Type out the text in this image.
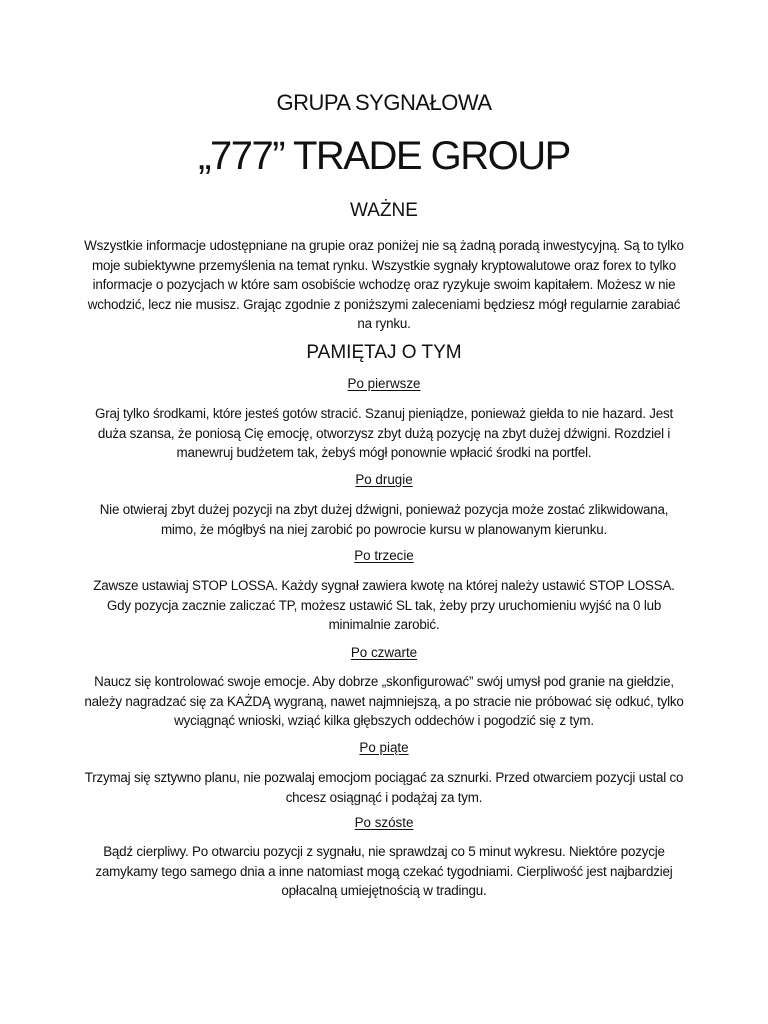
GRUPA SYGNAŁOWA
„777” TRADE GROUP
WAŻNE

Wszystkie informacje udostępniane na grupie oraz poniżej nie są żadną poradą inwestycyjną. Są to tylko moje subiektywne przemyślenia na temat rynku. Wszystkie sygnały kryptowalutowe oraz forex to tylko informacje o pozycjach w które sam osobiście wchodzę oraz ryzykuje swoim kapitałem. Możesz w nie wchodzić, lecz nie musisz. Grając zgodnie z poniższymi zaleceniami będziesz mógł regularnie zarabiać na rynku.

PAMIĘTAJ O TYM

Po pierwsze

Graj tylko środkami, które jesteś gotów stracić. Szanuj pieniądze, ponieważ giełda to nie hazard. Jest duża szansa, że poniosą Cię emocję, otworzysz zbyt dużą pozycję na zbyt dużej dźwigni. Rozdziel i manewruj budżetem tak, żebyś mógł ponownie wpłacić środki na portfel.

Po drugie

Nie otwieraj zbyt dużej pozycji na zbyt dużej dźwigni, ponieważ pozycja może zostać zlikwidowana, mimo, że mógłbyś na niej zarobić po powrocie kursu w planowanym kierunku.

Po trzecie

Zawsze ustawiaj STOP LOSSA. Każdy sygnał zawiera kwotę na której należy ustawić STOP LOSSA. Gdy pozycja zacznie zaliczać TP, możesz ustawić SL tak, żeby przy uruchomieniu wyjść na 0 lub minimalnie zarobić.

Po czwarte

Naucz się kontrolować swoje emocje. Aby dobrze „skonfigurować” swój umysł pod granie na giełdzie, należy nagradzać się za KAŻDĄ wygraną, nawet najmniejszą, a po stracie nie próbować się odkuć, tylko wyciągnąć wnioski, wziąć kilka głębszych oddechów i pogodzić się z tym.

Po piąte

Trzymaj się sztywno planu, nie pozwalaj emocjom pociągać za sznurki. Przed otwarciem pozycji ustal co chcesz osiągnąć i podążaj za tym.

Po szóste

Bądź cierpliwy. Po otwarciu pozycji z sygnału, nie sprawdzaj co 5 minut wykresu. Niektóre pozycje zamykamy tego samego dnia a inne natomiast mogą czekać tygodniami. Cierpliwość jest najbardziej opłacalną umiejętnością w tradingu.
